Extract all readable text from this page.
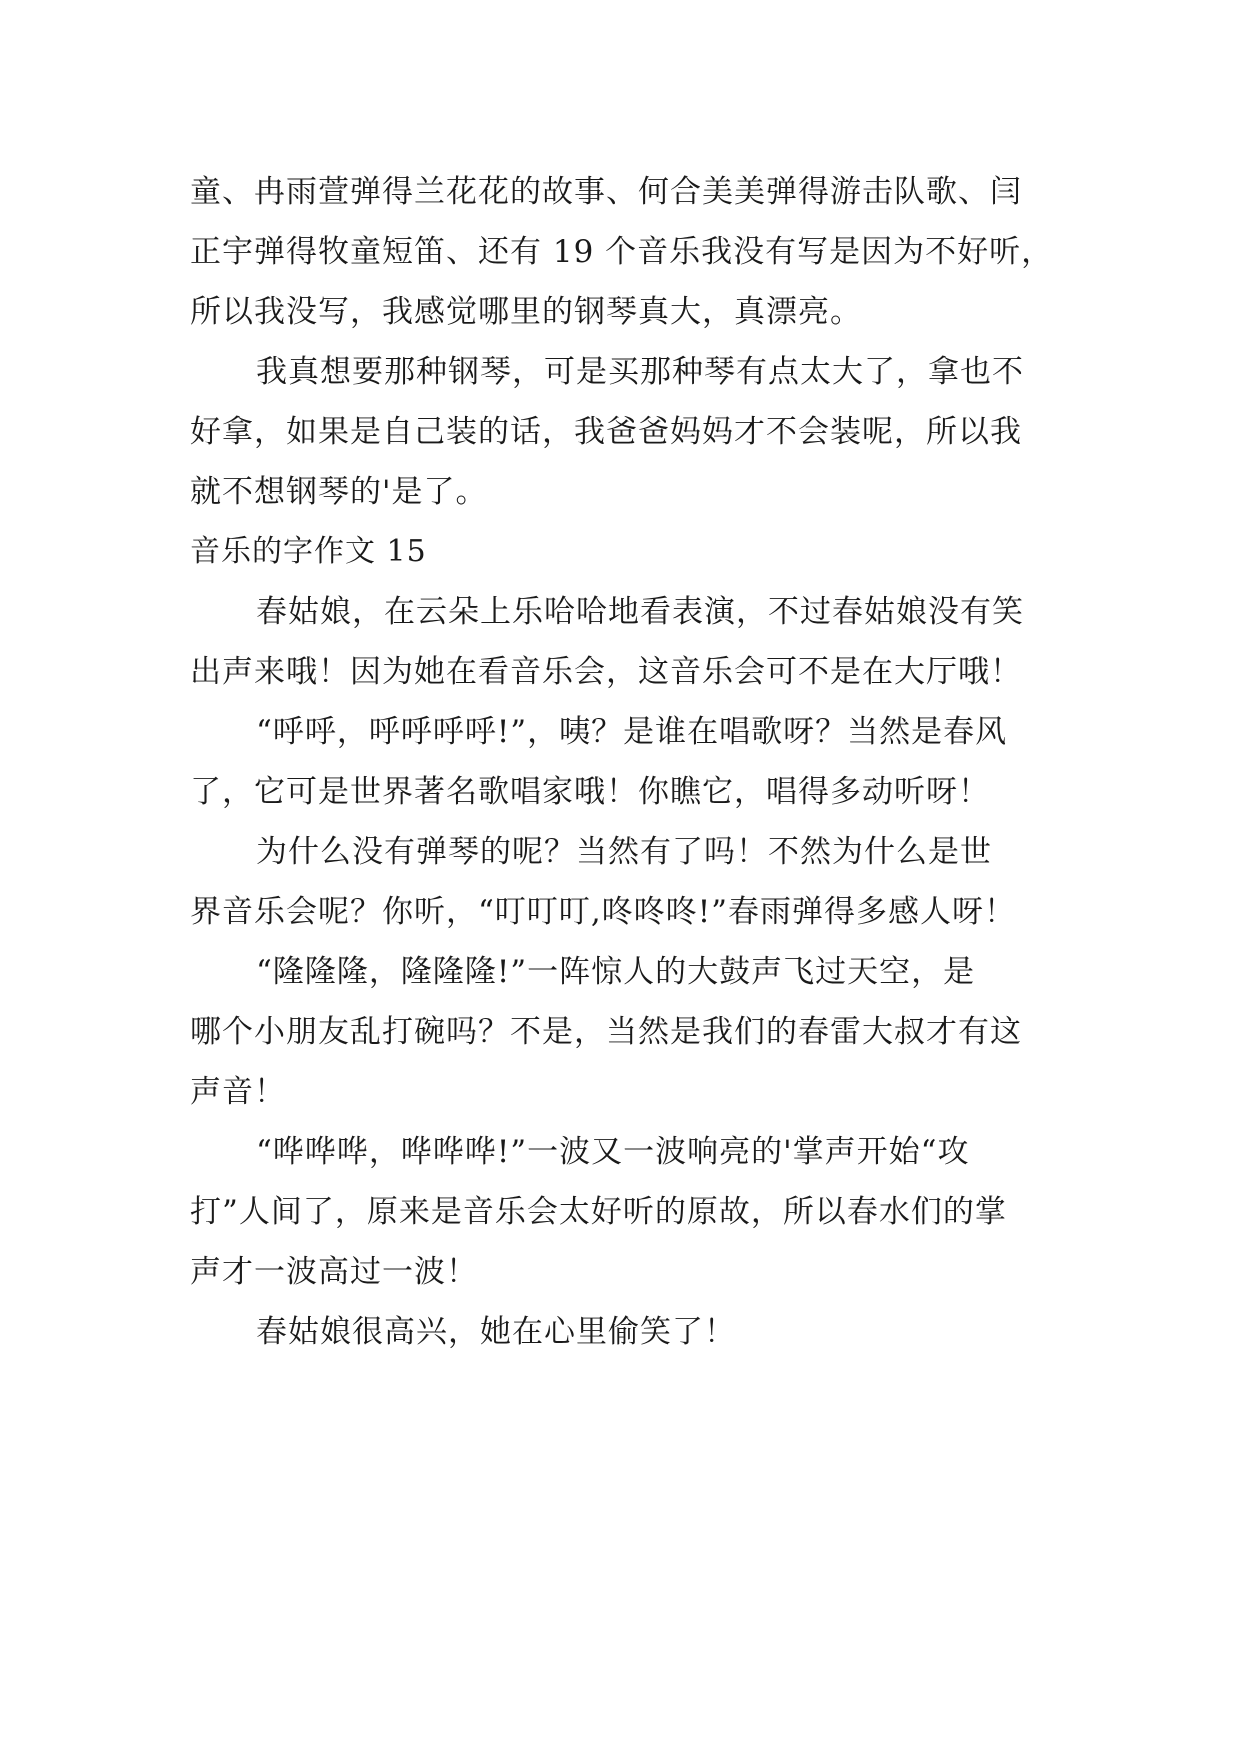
童、冉雨萱弹得兰花花的故事、何合美美弹得游击队歌、闫
正宇弹得牧童短笛、还有 19 个音乐我没有写是因为不好听，
所以我没写，我感觉哪里的钢琴真大，真漂亮。

我真想要那种钢琴，可是买那种琴有点太大了，拿也不
好拿，如果是自己装的话，我爸爸妈妈才不会装呢，所以我
就不想钢琴的'是了。

音乐的字作文 15

春姑娘，在云朵上乐哈哈地看表演，不过春姑娘没有笑
出声来哦！因为她在看音乐会，这音乐会可不是在大厅哦！

“呼呼，呼呼呼呼!”，咦？是谁在唱歌呀？当然是春风
了，它可是世界著名歌唱家哦！你瞧它，唱得多动听呀！

为什么没有弹琴的呢？当然有了吗！不然为什么是世
界音乐会呢？你听，“叮叮叮,咚咚咚!”春雨弹得多感人呀！

“隆隆隆，隆隆隆!”一阵惊人的大鼓声飞过天空，是
哪个小朋友乱打碗吗？不是，当然是我们的春雷大叔才有这
声音！

“哗哗哗，哗哗哗!”一波又一波响亮的'掌声开始“攻
打”人间了，原来是音乐会太好听的原故，所以春水们的掌
声才一波高过一波！

春姑娘很高兴，她在心里偷笑了！
